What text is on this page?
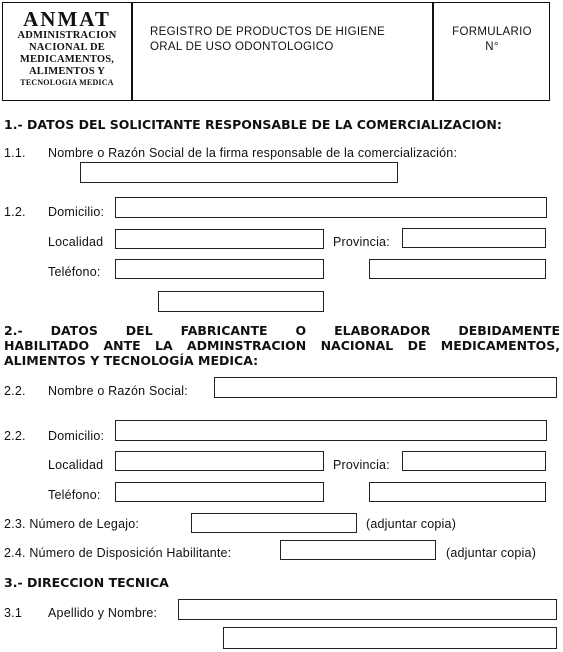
ANMAT
ADMINISTRACION
NACIONAL DE
MEDICAMENTOS,
ALIMENTOS Y
TECNOLOGIA MEDICA
REGISTRO DE PRODUCTOS DE HIGIENE
ORAL DE USO ODONTOLOGICO
FORMULARIO
N°
1.- DATOS DEL SOLICITANTE RESPONSABLE DE LA COMERCIALIZACION:
1.1. Nombre o Razón Social de la firma responsable de la comercialización:
1.2. Domicilio:
Localidad	Provincia:
Teléfono:
2.- DATOS DEL FABRICANTE O ELABORADOR DEBIDAMENTE
HABILITADO ANTE LA ADMINSTRACION NACIONAL DE MEDICAMENTOS,
ALIMENTOS Y TECNOLOGÍA MEDICA:
2.2. Nombre o Razón Social:
2.2. Domicilio:
Localidad	Provincia:
Teléfono:
2.3. Número de Legajo:	(adjuntar copia)
2.4. Número de Disposición Habilitante:	(adjuntar copia)
3.- DIRECCION TECNICA
3.1 Apellido y Nombre:
